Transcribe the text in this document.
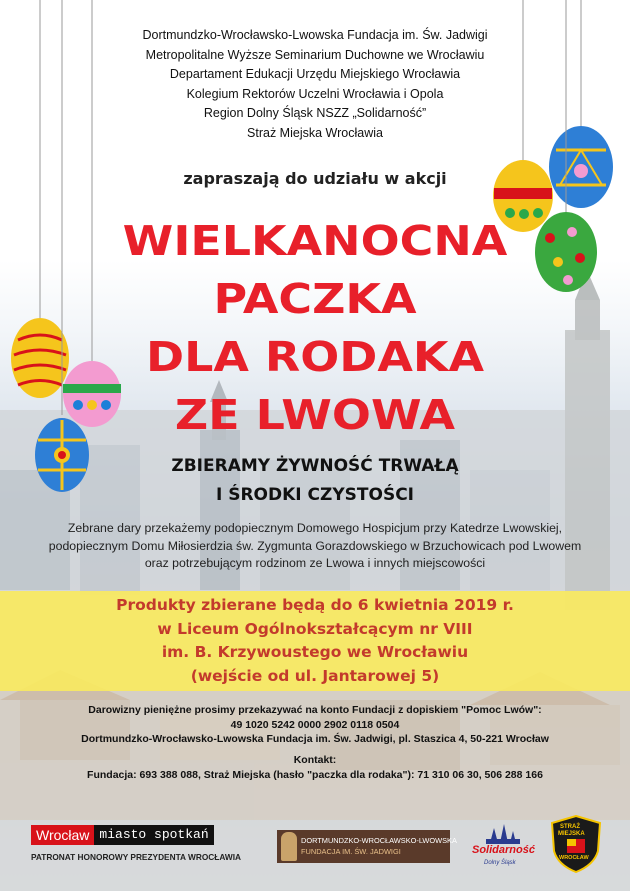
Dortmundzko-Wrocławsko-Lwowska Fundacja im. Św. Jadwigi
Metropolitalne Wyższe Seminarium Duchowne we Wrocławiu
Departament Edukacji Urzędu Miejskiego Wrocławia
Kolegium Rektorów Uczelni Wrocławia i Opola
Region Dolny Śląsk NSZZ „Solidarność”
Straż Miejska Wrocławia
zapraszają do udziału w akcji
WIELKANOCNA
PACZKA
DLA RODAKA
ZE LWOWA
ZBIERAMY ŻYWNOŚĆ TRWAŁĄ
I ŚRODKI CZYSTOŚCI
Zebrane dary przekażemy podopiecznym Domowego Hospicjum przy Katedrze Lwowskiej,
podopiecznym Domu Miłosierdzia św. Zygmunta Gorazdowskiego w Brzuchowicach pod Lwowem
oraz potrzebującym rodzinom ze Lwowa i innych miejscowości
Produkty zbierane będą do 6 kwietnia 2019 r.
w Liceum Ogólnokształcącym nr VIII
im. B. Krzywoustego we Wrocławiu
(wejście od ul. Jantarowej 5)
Darowizny pieniężne prosimy przekazywać na konto Fundacji z dopiskiem "Pomoc Lwów":
49 1020 5242 0000 2902 0118 0504
Dortmundzko-Wrocławsko-Lwowska Fundacja im. Św. Jadwigi, pl. Staszica 4, 50-221 Wrocław
Kontakt:
Fundacja: 693 388 088, Straż Miejska (hasło "paczka dla rodaka"): 71 310 06 30, 506 288 166
Wrocław miasto spotkań
PATRONAT HONOROWY PREZYDENTA WROCŁAWIA
DORTMUNDZKO-WROCŁAWSKO-LWOWSKA
FUNDACJA IM. ŚW. JADWIGI	Solidarność
Dolny Śląsk
STRAŻ
MIEJSKA
WROCŁAW
